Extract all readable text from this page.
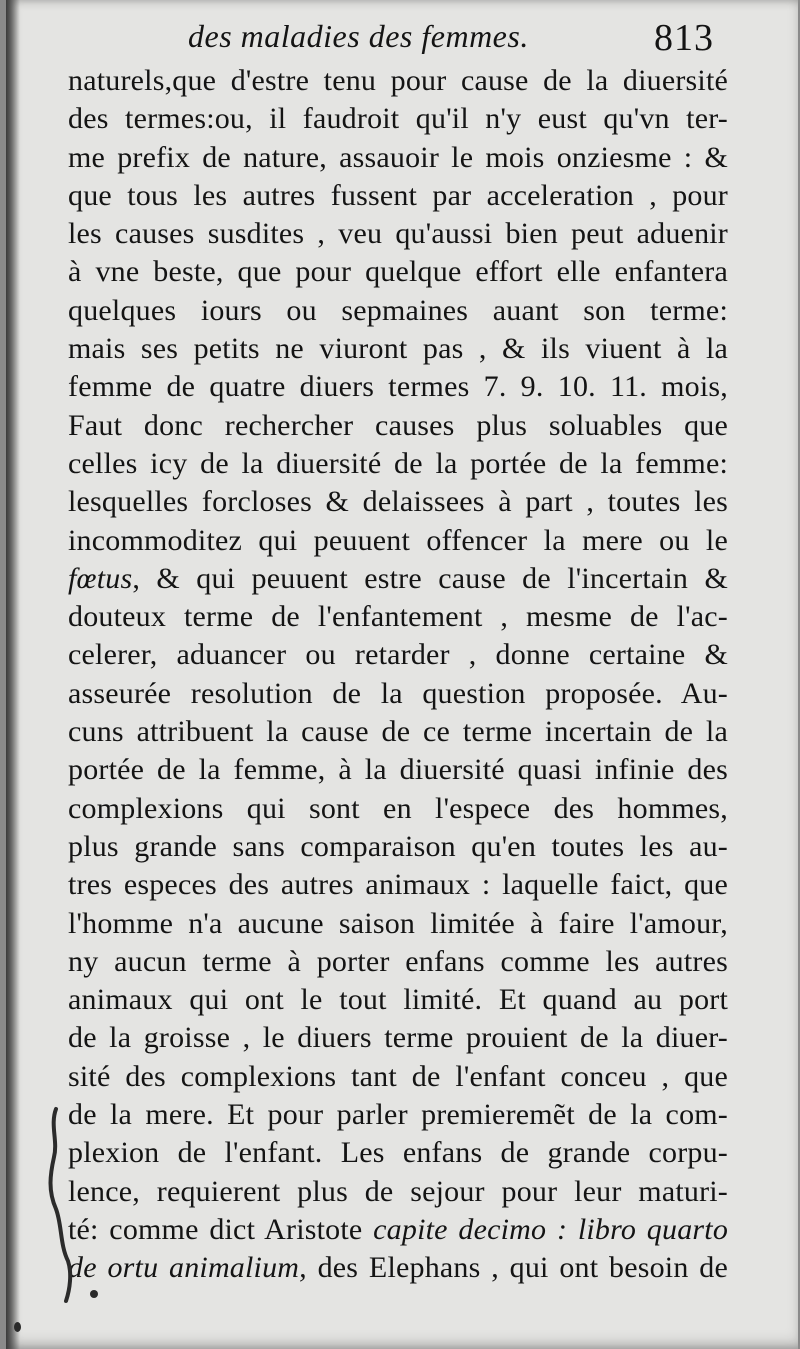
des maladies des femmes.	813
naturels,que d'estre tenu pour cause de la diuersité
des termes:ou, il faudroit qu'il n'y eust qu'vn ter-
me prefix de nature, assauoir le mois onziesme : &
que tous les autres fussent par acceleration , pour
les causes susdites , veu qu'aussi bien peut aduenir
à vne beste, que pour quelque effort elle enfantera
quelques iours ou sepmaines auant son terme:
mais ses petits ne viuront pas , & ils viuent à la
femme de quatre diuers termes 7. 9. 10. 11. mois,
Faut donc rechercher causes plus soluables que
celles icy de la diuersité de la portée de la femme:
lesquelles forcloses & delaissees à part , toutes les
incommoditez qui peuuent offencer la mere ou le
fœtus, & qui peuuent estre cause de l'incertain &
douteux terme de l'enfantement , mesme de l'ac-
celerer, aduancer ou retarder , donne certaine &
asseurée resolution de la question proposée. Au-
cuns attribuent la cause de ce terme incertain de la
portée de la femme, à la diuersité quasi infinie des
complexions qui sont en l'espece des hommes,
plus grande sans comparaison qu'en toutes les au-
tres especes des autres animaux : laquelle faict, que
l'homme n'a aucune saison limitée à faire l'amour,
ny aucun terme à porter enfans comme les autres
animaux qui ont le tout limité. Et quand au port
de la groisse , le diuers terme prouient de la diuer-
sité des complexions tant de l'enfant conceu , que
de la mere. Et pour parler premieremẽt de la com-
plexion de l'enfant. Les enfans de grande corpu-
lence, requierent plus de sejour pour leur maturi-
té: comme dict Aristote capite decimo : libro quarto
de ortu animalium, des Elephans , qui ont besoin de
